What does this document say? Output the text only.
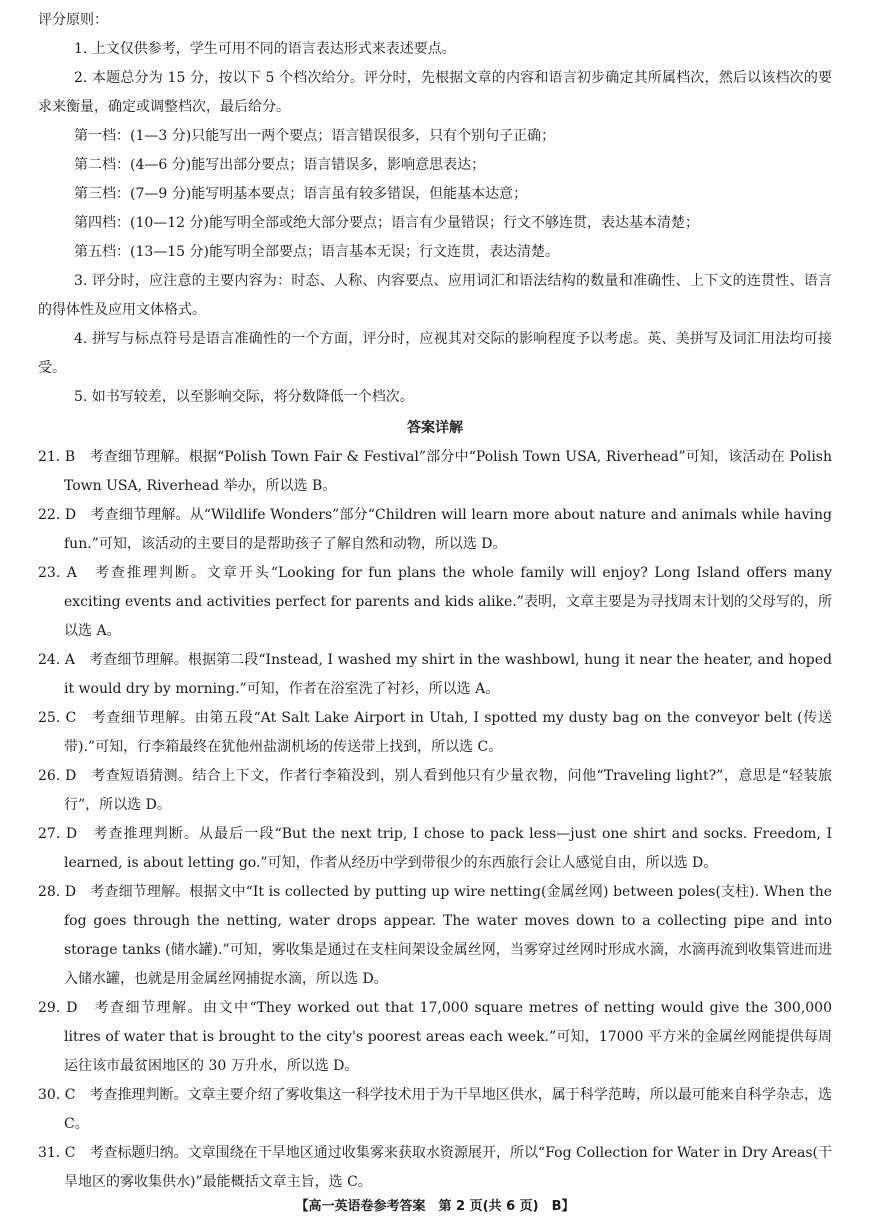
评分原则：

1. 上文仅供参考，学生可用不同的语言表达形式来表述要点。

2. 本题总分为 15 分，按以下 5 个档次给分。评分时，先根据文章的内容和语言初步确定其所属档次，然后以该档次的要求来衡量，确定或调整档次，最后给分。

第一档：(1—3 分)只能写出一两个要点；语言错误很多，只有个别句子正确；

第二档：(4—6 分)能写出部分要点；语言错误多，影响意思表达；

第三档：(7—9 分)能写明基本要点；语言虽有较多错误，但能基本达意；

第四档：(10—12 分)能写明全部或绝大部分要点；语言有少量错误；行文不够连贯，表达基本清楚；

第五档：(13—15 分)能写明全部要点；语言基本无误；行文连贯，表达清楚。

3. 评分时，应注意的主要内容为：时态、人称、内容要点、应用词汇和语法结构的数量和准确性、上下文的连贯性、语言的得体性及应用文体格式。

4. 拼写与标点符号是语言准确性的一个方面，评分时，应视其对交际的影响程度予以考虑。英、美拼写及词汇用法均可接受。

5. 如书写较差，以至影响交际，将分数降低一个档次。

答案详解

21. B　考查细节理解。根据“Polish Town Fair & Festival”部分中“Polish Town USA, Riverhead”可知，该活动在 Polish Town USA, Riverhead 举办，所以选 B。

22. D　考查细节理解。从“Wildlife Wonders”部分“Children will learn more about nature and animals while having fun.”可知，该活动的主要目的是帮助孩子了解自然和动物，所以选 D。

23. A　考查推理判断。文章开头“Looking for fun plans the whole family will enjoy? Long Island offers many exciting events and activities perfect for parents and kids alike.”表明，文章主要是为寻找周末计划的父母写的，所以选 A。

24. A　考查细节理解。根据第二段“Instead, I washed my shirt in the washbowl, hung it near the heater, and hoped it would dry by morning.”可知，作者在浴室洗了衬衫，所以选 A。

25. C　考查细节理解。由第五段“At Salt Lake Airport in Utah, I spotted my dusty bag on the conveyor belt (传送带).”可知，行李箱最终在犹他州盐湖机场的传送带上找到，所以选 C。

26. D　考查短语猜测。结合上下文，作者行李箱没到，别人看到他只有少量衣物，问他“Traveling light?”，意思是“轻装旅行”，所以选 D。

27. D　考查推理判断。从最后一段“But the next trip, I chose to pack less—just one shirt and socks. Freedom, I learned, is about letting go.”可知，作者从经历中学到带很少的东西旅行会让人感觉自由，所以选 D。

28. D　考查细节理解。根据文中“It is collected by putting up wire netting(金属丝网) between poles(支柱). When the fog goes through the netting, water drops appear. The water moves down to a collecting pipe and into storage tanks (储水罐).”可知，雾收集是通过在支柱间架设金属丝网，当雾穿过丝网时形成水滴，水滴再流到收集管进而进入储水罐，也就是用金属丝网捕捉水滴，所以选 D。

29. D　考查细节理解。由文中“They worked out that 17,000 square metres of netting would give the 300,000 litres of water that is brought to the city's poorest areas each week.”可知，17000 平方米的金属丝网能提供每周运往该市最贫困地区的 30 万升水，所以选 D。

30. C　考查推理判断。文章主要介绍了雾收集这一科学技术用于为干旱地区供水，属于科学范畴，所以最可能来自科学杂志，选 C。

31. C　考查标题归纳。文章围绕在干旱地区通过收集雾来获取水资源展开，所以“Fog Collection for Water in Dry Areas(干旱地区的雾收集供水)”最能概括文章主旨，选 C。

【高一英语卷参考答案　第 2 页(共 6 页)　B】
